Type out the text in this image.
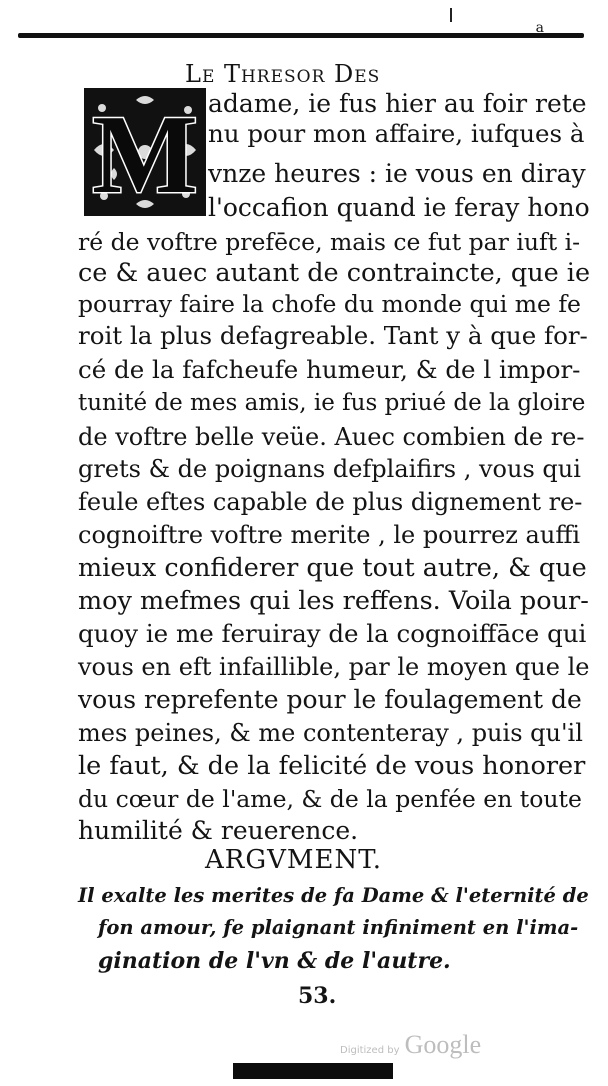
a
Le Thresor Des
M adame, ie fus hier au foir rete
nu pour mon affaire, iufques à
vnze heures : ie vous en diray
l'occafion quand ie feray hono
ré de voftre prefēce, mais ce fut par iuft i-
ce & auec autant de contraincte, que ie
pourray faire la chofe du monde qui me fe
roit la plus defagreable. Tant y à que for-
cé de la fafcheufe humeur, & de l impor-
tunité de mes amis, ie fus priué de la gloire
de voftre belle veüe. Auec combien de re-
grets & de poignans defplaifirs , vous qui
feule eftes capable de plus dignement re-
cognoiftre voftre merite , le pourrez auffi
mieux confiderer que tout autre, & que
moy mefmes qui les reffens. Voila pour-
quoy ie me feruiray de la cognoiffāce qui
vous en eft infaillible, par le moyen que le
vous reprefente pour le foulagement de
mes peines, & me contenteray , puis qu'il
le faut, & de la felicité de vous honorer
du cœur de l'ame, & de la penfée en toute
humilité & reuerence.
ARGVMENT.
Il exalte les merites de fa Dame & l'eternité de
fon amour, fe plaignant infiniment en l'ima-
gination de l'vn & de l'autre.
53.
Digitized by Google
